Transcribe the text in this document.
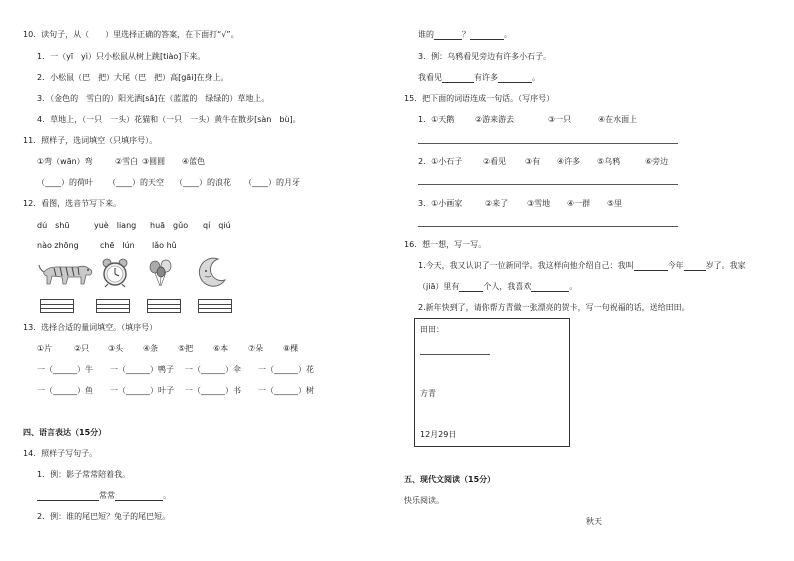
10．读句子，从（　　）里选择正确的答案，在下面打“√”。
1．一（yī　yì）只小松鼠从树上跳[tiào]下来。
2．小松鼠（巴　把）大尾（巴　把）高[gāi]在身上。
3．（金色的　雪白的）阳光洒[sǎ]在（蓝蓝的　绿绿的）草地上。
4．草地上，（一只　一头）花猫和（一只　一头）黄牛在散步[sàn　bù]。
11．照样子，选词填空（只填序号）。
①弯（wān）弯	②雪白 ③圆圆 ④蓝色
（____）的荷叶 （____）的天空 （____）的浪花 （____）的月牙
12．看图，选音节写下来。
dú　shū	yuè　liang huā　gǔo qí　qiú
nào zhōng	chē　lún lǎo hǔ
13．选择合适的量词填空。（填序号）
①片	②只 ③头 ④条 ⑤把 ⑥本 ⑦朵 ⑧棵
一（______）牛 一（______）鸭子 一（______）伞 一（______）花
一（______）鱼 一（______）叶子 一（______）书 一（______）树
四、语言表达（15分）
14．照样子写句子。
1．例：影子常常陪着我。
常常	。
2．例：谁的尾巴短？兔子的尾巴短。
谁的	？	。
3．例：乌鸦看见旁边有许多小石子。
我看见	有许多	。
15．把下面的词语连成一句话。（写序号）
1．①天鹅	②游来游去	③一只	④在水面上
2．①小石子	②看见 ③有 ④许多 ⑤乌鸦	⑥旁边
3．①小画家	②来了 ③雪地 ④一群 ⑤里
16．想一想，写一写。
1.今天，我又认识了一位新同学。我这样向他介绍自己：我叫	今年	岁了。我家
（jiā）里有	个人，我喜欢	。
2.新年快到了，请你帮方青做一张漂亮的贺卡，写一句祝福的话，送给田田。
田田：
方青
12月29日
五、现代文阅读（15分）
快乐阅读。
秋天
